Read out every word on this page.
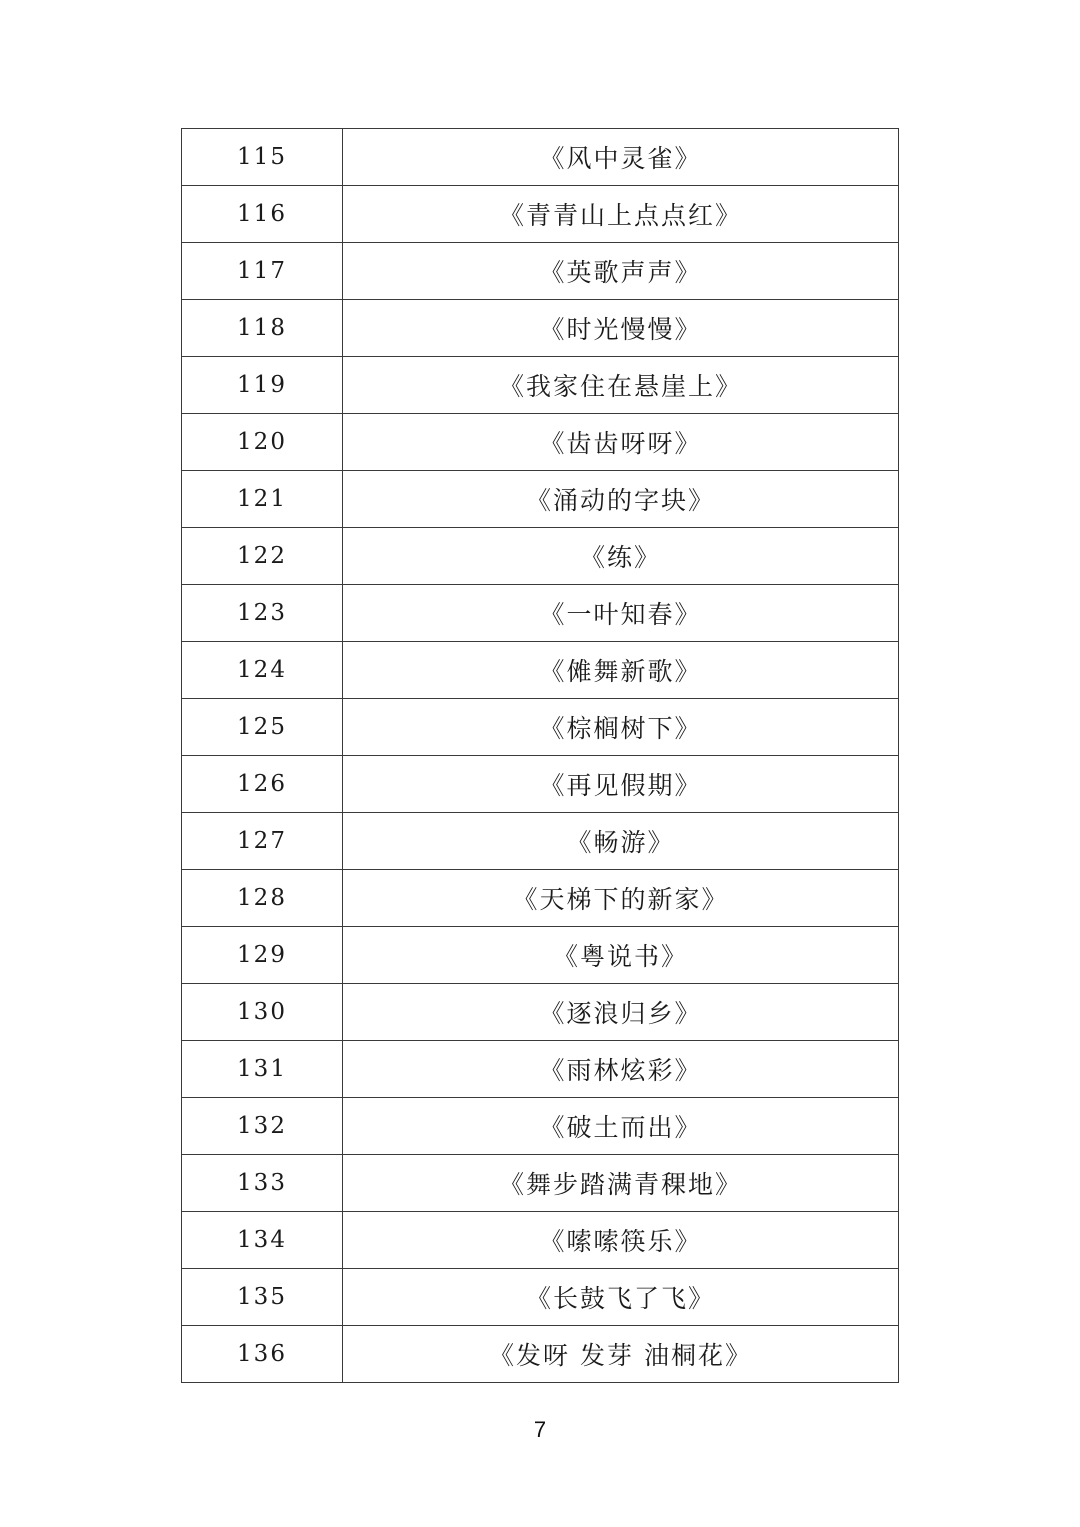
115	《风中灵雀》
116	《青青山上点点红》
117	《英歌声声》
118	《时光慢慢》
119	《我家住在悬崖上》
120	《齿齿呀呀》
121	《涌动的字块》
122	《练》
123	《一叶知春》
124	《傩舞新歌》
125	《棕榈树下》
126	《再见假期》
127	《畅游》
128	《天梯下的新家》
129	《粤说书》
130	《逐浪归乡》
131	《雨林炫彩》
132	《破土而出》
133	《舞步踏满青稞地》
134	《嗦嗦筷乐》
135	《长鼓飞了飞》
136	《发呀 发芽 油桐花》
7
